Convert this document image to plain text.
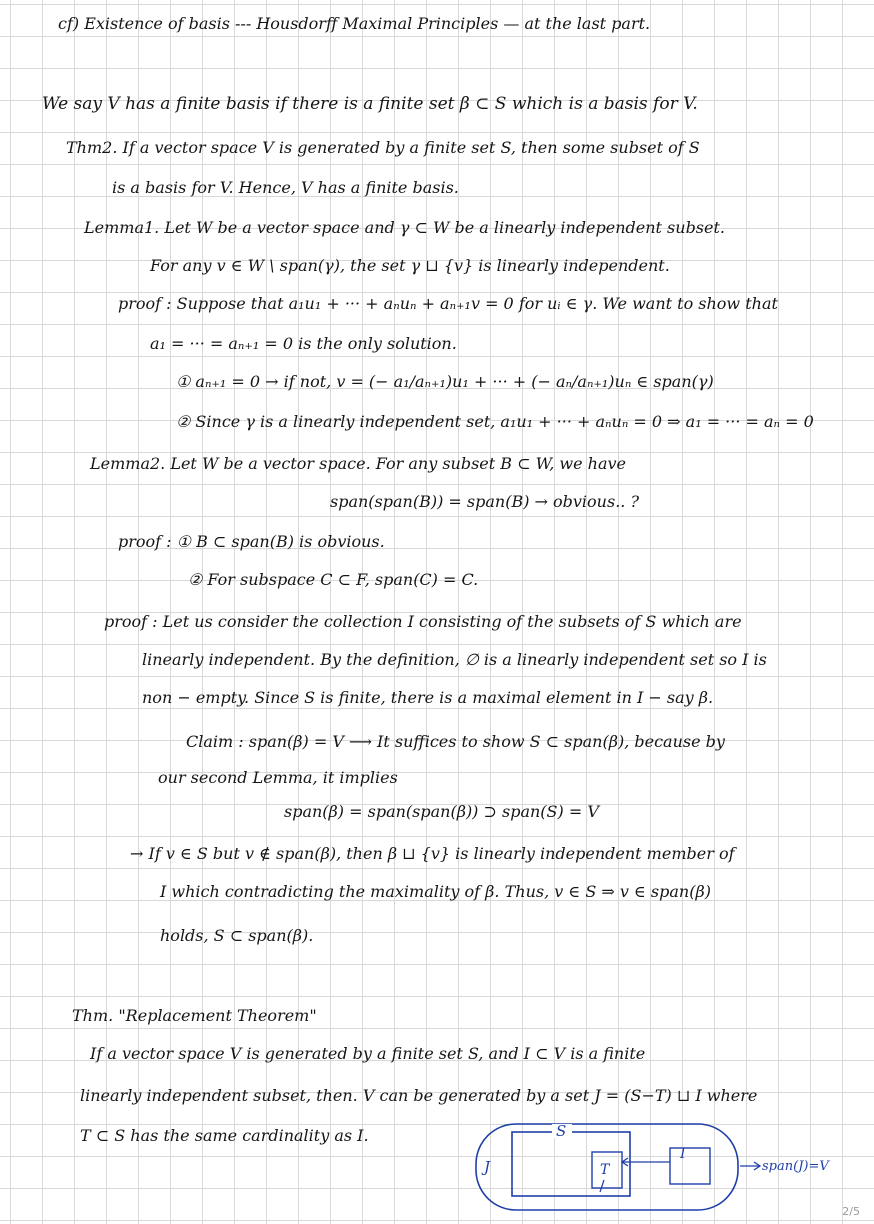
cf) Existence of basis --- Housdorff Maximal Principles — at the last part.
We say V has a finite basis if there is a finite set β ⊂ S which is a basis for V.
Thm2. If a vector space V is generated by a finite set S, then some subset of S
is a basis for V. Hence, V has a finite basis.
Lemma1. Let W be a vector space and γ ⊂ W be a linearly independent subset.
For any v ∈ W \ span(γ), the set γ ⊔ {v} is linearly independent.
proof : Suppose that a₁u₁ + ··· + aₙuₙ + aₙ₊₁v = 0 for uᵢ ∈ γ. We want to show that
a₁ = ··· = aₙ₊₁ = 0 is the only solution.
① aₙ₊₁ = 0 → if not, v = (− a₁/aₙ₊₁)u₁ + ··· + (− aₙ/aₙ₊₁)uₙ ∈ span(γ)
② Since γ is a linearly independent set, a₁u₁ + ··· + aₙuₙ = 0 ⇒ a₁ = ··· = aₙ = 0
Lemma2. Let W be a vector space. For any subset B ⊂ W, we have
span(span(B)) = span(B) → obvious.. ?
proof : ① B ⊂ span(B) is obvious.
② For subspace C ⊂ F, span(C) = C.
proof : Let us consider the collection I consisting of the subsets of S which are
linearly independent. By the definition, ∅ is a linearly independent set so I is
non − empty. Since S is finite, there is a maximal element in I − say β.
Claim : span(β) = V ⟶ It suffices to show S ⊂ span(β), because by
our second Lemma, it implies
span(β) = span(span(β)) ⊃ span(S) = V
→ If v ∈ S but v ∉ span(β), then β ⊔ {v} is linearly independent member of
I which contradicting the maximality of β. Thus, v ∈ S ⇒ v ∈ span(β)
holds, S ⊂ span(β).
Thm. "Replacement Theorem"
If a vector space V is generated by a finite set S, and I ⊂ V is a finite
linearly independent subset, then. V can be generated by a set J = (S−T) ⊔ I where
T ⊂ S has the same cardinality as I.	S
T
I
J	span(J)=V
2/5
